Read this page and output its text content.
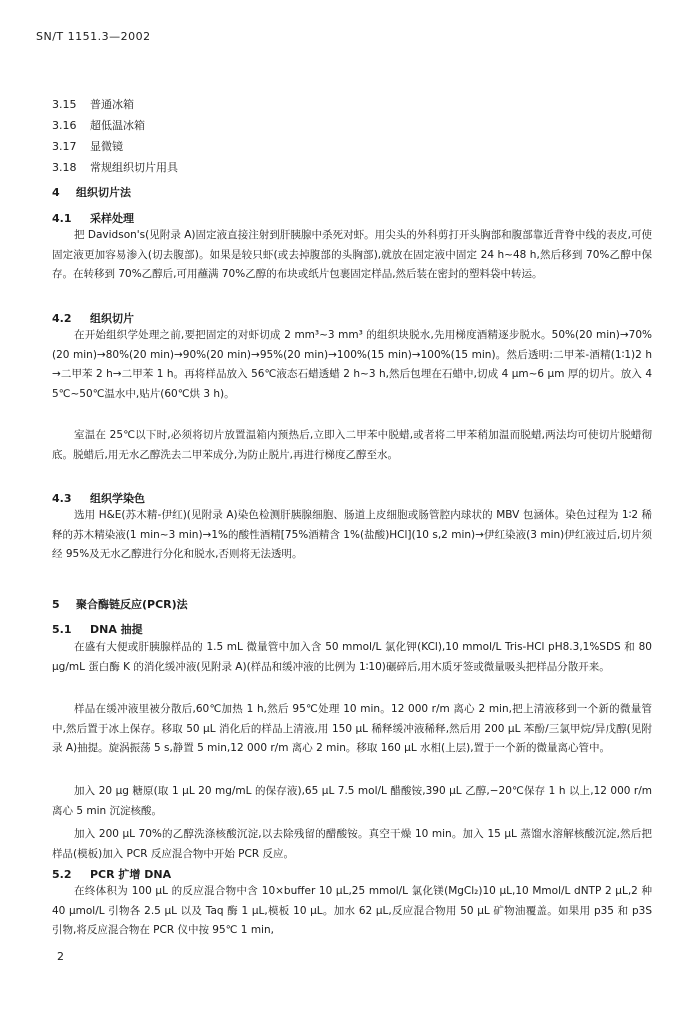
SN/T 1151.3—2002
3.15 普通冰箱
3.16 超低温冰箱
3.17 显微镜
3.18 常规组织切片用具
4 组织切片法
4.1 采样处理
把 Davidson's(见附录 A)固定液直接注射到肝胰腺中杀死对虾。用尖头的外科剪打开头胸部和腹部靠近背脊中线的表皮,可使固定液更加容易渗入(切去腹部)。如果是较只虾(或去掉腹部的头胸部),就放在固定液中固定 24 h~48 h,然后移到 70%乙醇中保存。在转移到 70%乙醇后,可用蘸满 70%乙醇的布块或纸片包裹固定样品,然后装在密封的塑料袋中转运。
4.2 组织切片
在开始组织学处理之前,要把固定的对虾切成 2 mm³~3 mm³ 的组织块脱水,先用梯度酒精逐步脱水。50%(20 min)→70%(20 min)→80%(20 min)→90%(20 min)→95%(20 min)→100%(15 min)→100%(15 min)。然后透明:二甲苯-酒精(1∶1)2 h→二甲苯 2 h→二甲苯 1 h。再将样品放入 56℃液态石蜡透蜡 2 h~3 h,然后包埋在石蜡中,切成 4 μm~6 μm 厚的切片。放入 45℃~50℃温水中,贴片(60℃烘 3 h)。
室温在 25℃以下时,必须将切片放置温箱内预热后,立即入二甲苯中脱蜡,或者将二甲苯稍加温而脱蜡,两法均可使切片脱蜡彻底。脱蜡后,用无水乙醇洗去二甲苯成分,为防止脱片,再进行梯度乙醇至水。
4.3 组织学染色
选用 H&E(苏木精-伊红)(见附录 A)染色检测肝胰腺细胞、肠道上皮细胞或肠管腔内球状的 MBV 包涵体。染色过程为 1∶2 稀释的苏木精染液(1 min~3 min)→1%的酸性酒精[75%酒精含 1%(盐酸)HCl](10 s,2 min)→伊红染液(3 min)伊红液过后,切片须经 95%及无水乙醇进行分化和脱水,否则将无法透明。
5 聚合酶链反应(PCR)法
5.1 DNA 抽提
在盛有大便或肝胰腺样品的 1.5 mL 微量管中加入含 50 mmol/L 氯化钾(KCl),10 mmol/L Tris-HCl pH8.3,1%SDS 和 80 μg/mL 蛋白酶 K 的消化缓冲液(见附录 A)(样品和缓冲液的比例为 1∶10)碾碎后,用木质牙签或微量吸头把样品分散开来。
样品在缓冲液里被分散后,60℃加热 1 h,然后 95℃处理 10 min。12 000 r/m 离心 2 min,把上清液移到一个新的微量管中,然后置于冰上保存。移取 50 μL 消化后的样品上清液,用 150 μL 稀释缓冲液稀释,然后用 200 μL 苯酚/三氯甲烷/异戊醇(见附录 A)抽提。旋涡振荡 5 s,静置 5 min,12 000 r/m 离心 2 min。移取 160 μL 水相(上层),置于一个新的微量离心管中。
加入 20 μg 糖原(取 1 μL 20 mg/mL 的保存液),65 μL 7.5 mol/L 醋酸铵,390 μL 乙醇,−20℃保存 1 h 以上,12 000 r/m 离心 5 min 沉淀核酸。
加入 200 μL 70%的乙醇洗涤核酸沉淀,以去除残留的醋酸铵。真空干燥 10 min。加入 15 μL 蒸馏水溶解核酸沉淀,然后把样品(模板)加入 PCR 反应混合物中开始 PCR 反应。
5.2 PCR 扩增 DNA
在终体积为 100 μL 的反应混合物中含 10×buffer 10 μL,25 mmol/L 氯化镁(MgCl₂)10 μL,10 Mmol/L dNTP 2 μL,2 种 40 μmol/L 引物各 2.5 μL 以及 Taq 酶 1 μL,模板 10 μL。加水 62 μL,反应混合物用 50 μL 矿物油覆盖。如果用 p35 和 p3S 引物,将反应混合物在 PCR 仪中按 95℃ 1 min,
2
